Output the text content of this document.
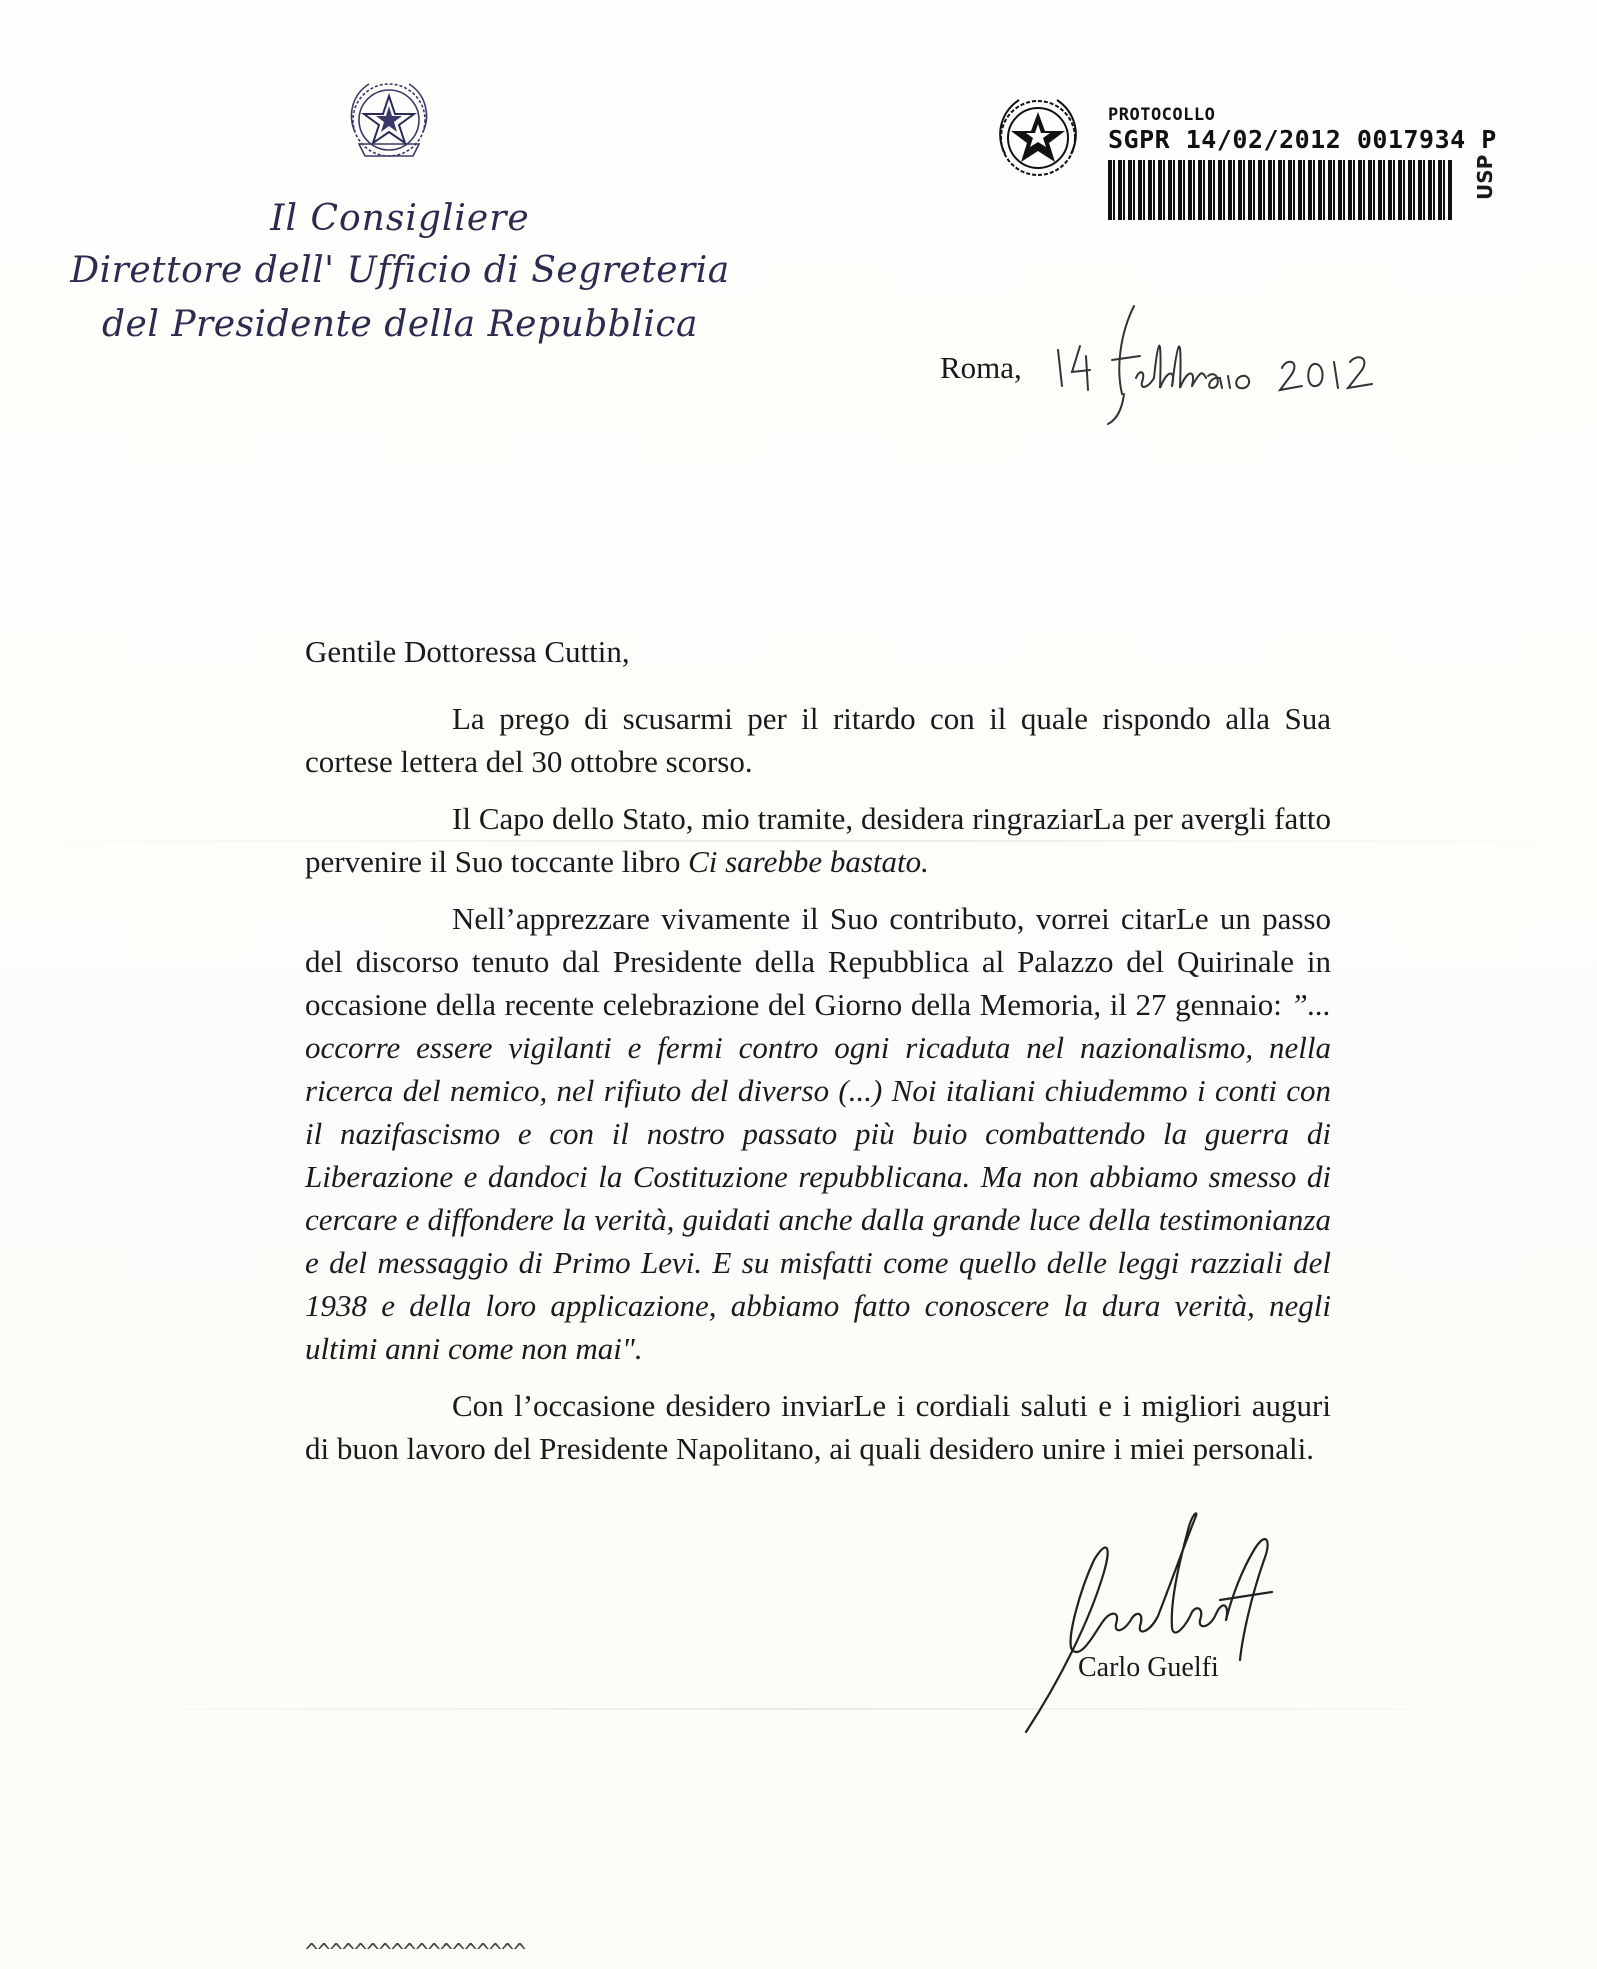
Il Consigliere
Direttore dell' Ufficio di Segreteria
del Presidente della Repubblica
PROTOCOLLO
SGPR 14/02/2012 0017934 P
USP
Roma,

Gentile Dottoressa Cuttin,

La prego di scusarmi per il ritardo con il quale rispondo alla Sua cortese lettera del 30 ottobre scorso.

Il Capo dello Stato, mio tramite, desidera ringraziarLa per avergli fatto pervenire il Suo toccante libro Ci sarebbe bastato.

Nell’apprezzare vivamente il Suo contributo, vorrei citarLe un passo del discorso tenuto dal Presidente della Repubblica al Palazzo del Quirinale in occasione della recente celebrazione del Giorno della Memoria, il 27 gennaio: ”... occorre essere vigilanti e fermi contro ogni ricaduta nel nazionalismo, nella ricerca del nemico, nel rifiuto del diverso (...) Noi italiani chiudemmo i conti con il nazifascismo e con il nostro passato più buio combattendo la guerra di Liberazione e dandoci la Costituzione repubblicana. Ma non abbiamo smesso di cercare e diffondere la verità, guidati anche dalla grande luce della testimonianza e del messaggio di Primo Levi. E su misfatti come quello delle leggi razziali del 1938 e della loro applicazione, abbiamo fatto conoscere la dura verità, negli ultimi anni come non mai".

Con l’occasione desidero inviarLe i cordiali saluti e i migliori auguri di buon lavoro del Presidente Napolitano, ai quali desidero unire i miei personali.

Carlo Guelfi
^^^^^^^^^^^^^^^^^^
